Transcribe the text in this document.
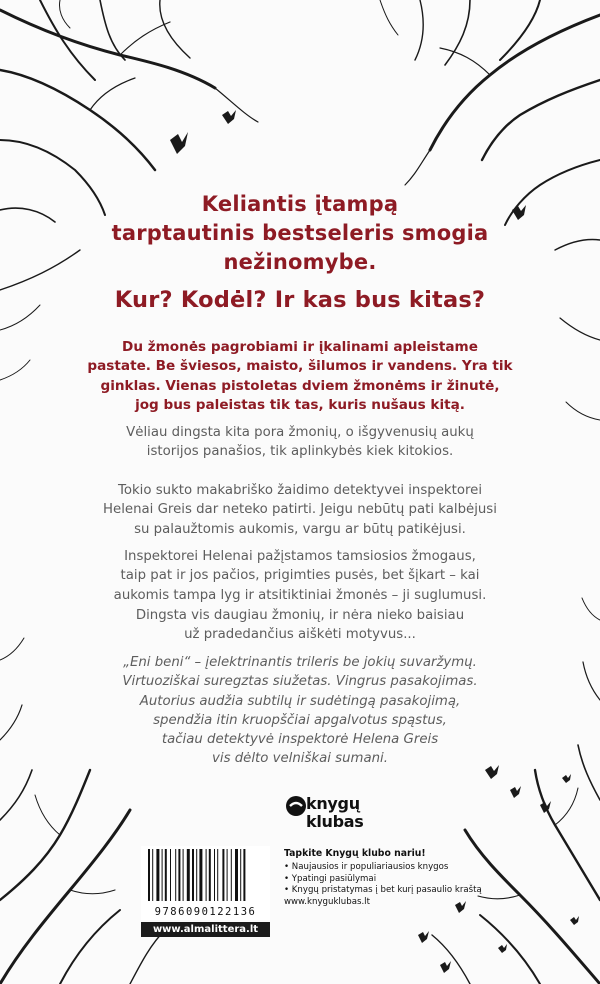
Keliantis įtampą
tarptautinis bestseleris smogia
nežinomybe.
Kur? Kodėl? Ir kas bus kitas?
Du žmonės pagrobiami ir įkalinami apleistame
pastate. Be šviesos, maisto, šilumos ir vandens. Yra tik
ginklas. Vienas pistoletas dviem žmonėms ir žinutė,
jog bus paleistas tik tas, kuris nušaus kitą.
Vėliau dingsta kita pora žmonių, o išgyvenusių aukų
istorijos panašios, tik aplinkybės kiek kitokios.
Tokio sukto makabriško žaidimo detektyvei inspektorei
Helenai Greis dar neteko patirti. Jeigu nebūtų pati kalbėjusi
su palaužtomis aukomis, vargu ar būtų patikėjusi.
Inspektorei Helenai pažįstamos tamsiosios žmogaus,
taip pat ir jos pačios, prigimties pusės, bet šįkart – kai
aukomis tampa lyg ir atsitiktiniai žmonės – ji suglumusi.
Dingsta vis daugiau žmonių, ir nėra nieko baisiau
už pradedančius aiškėti motyvus...
„Eni beni“ – įelektrinantis trileris be jokių suvaržymų.
Virtuoziškai suregztas siužetas. Vingrus pasakojimas.
Autorius audžia subtilų ir sudėtingą pasakojimą,
spendžia itin kruopščiai apgalvotus spąstus,
tačiau detektyvė inspektorė Helena Greis
vis dėlto velniškai sumani.
knygų
klubas
Tapkite Knygų klubo nariu!
• Naujausios ir populiariausios knygos
• Ypatingi pasiūlymai
• Knygų pristatymas į bet kurį pasaulio kraštą
www.knyguklubas.lt
9786090122136
www.almalittera.lt
